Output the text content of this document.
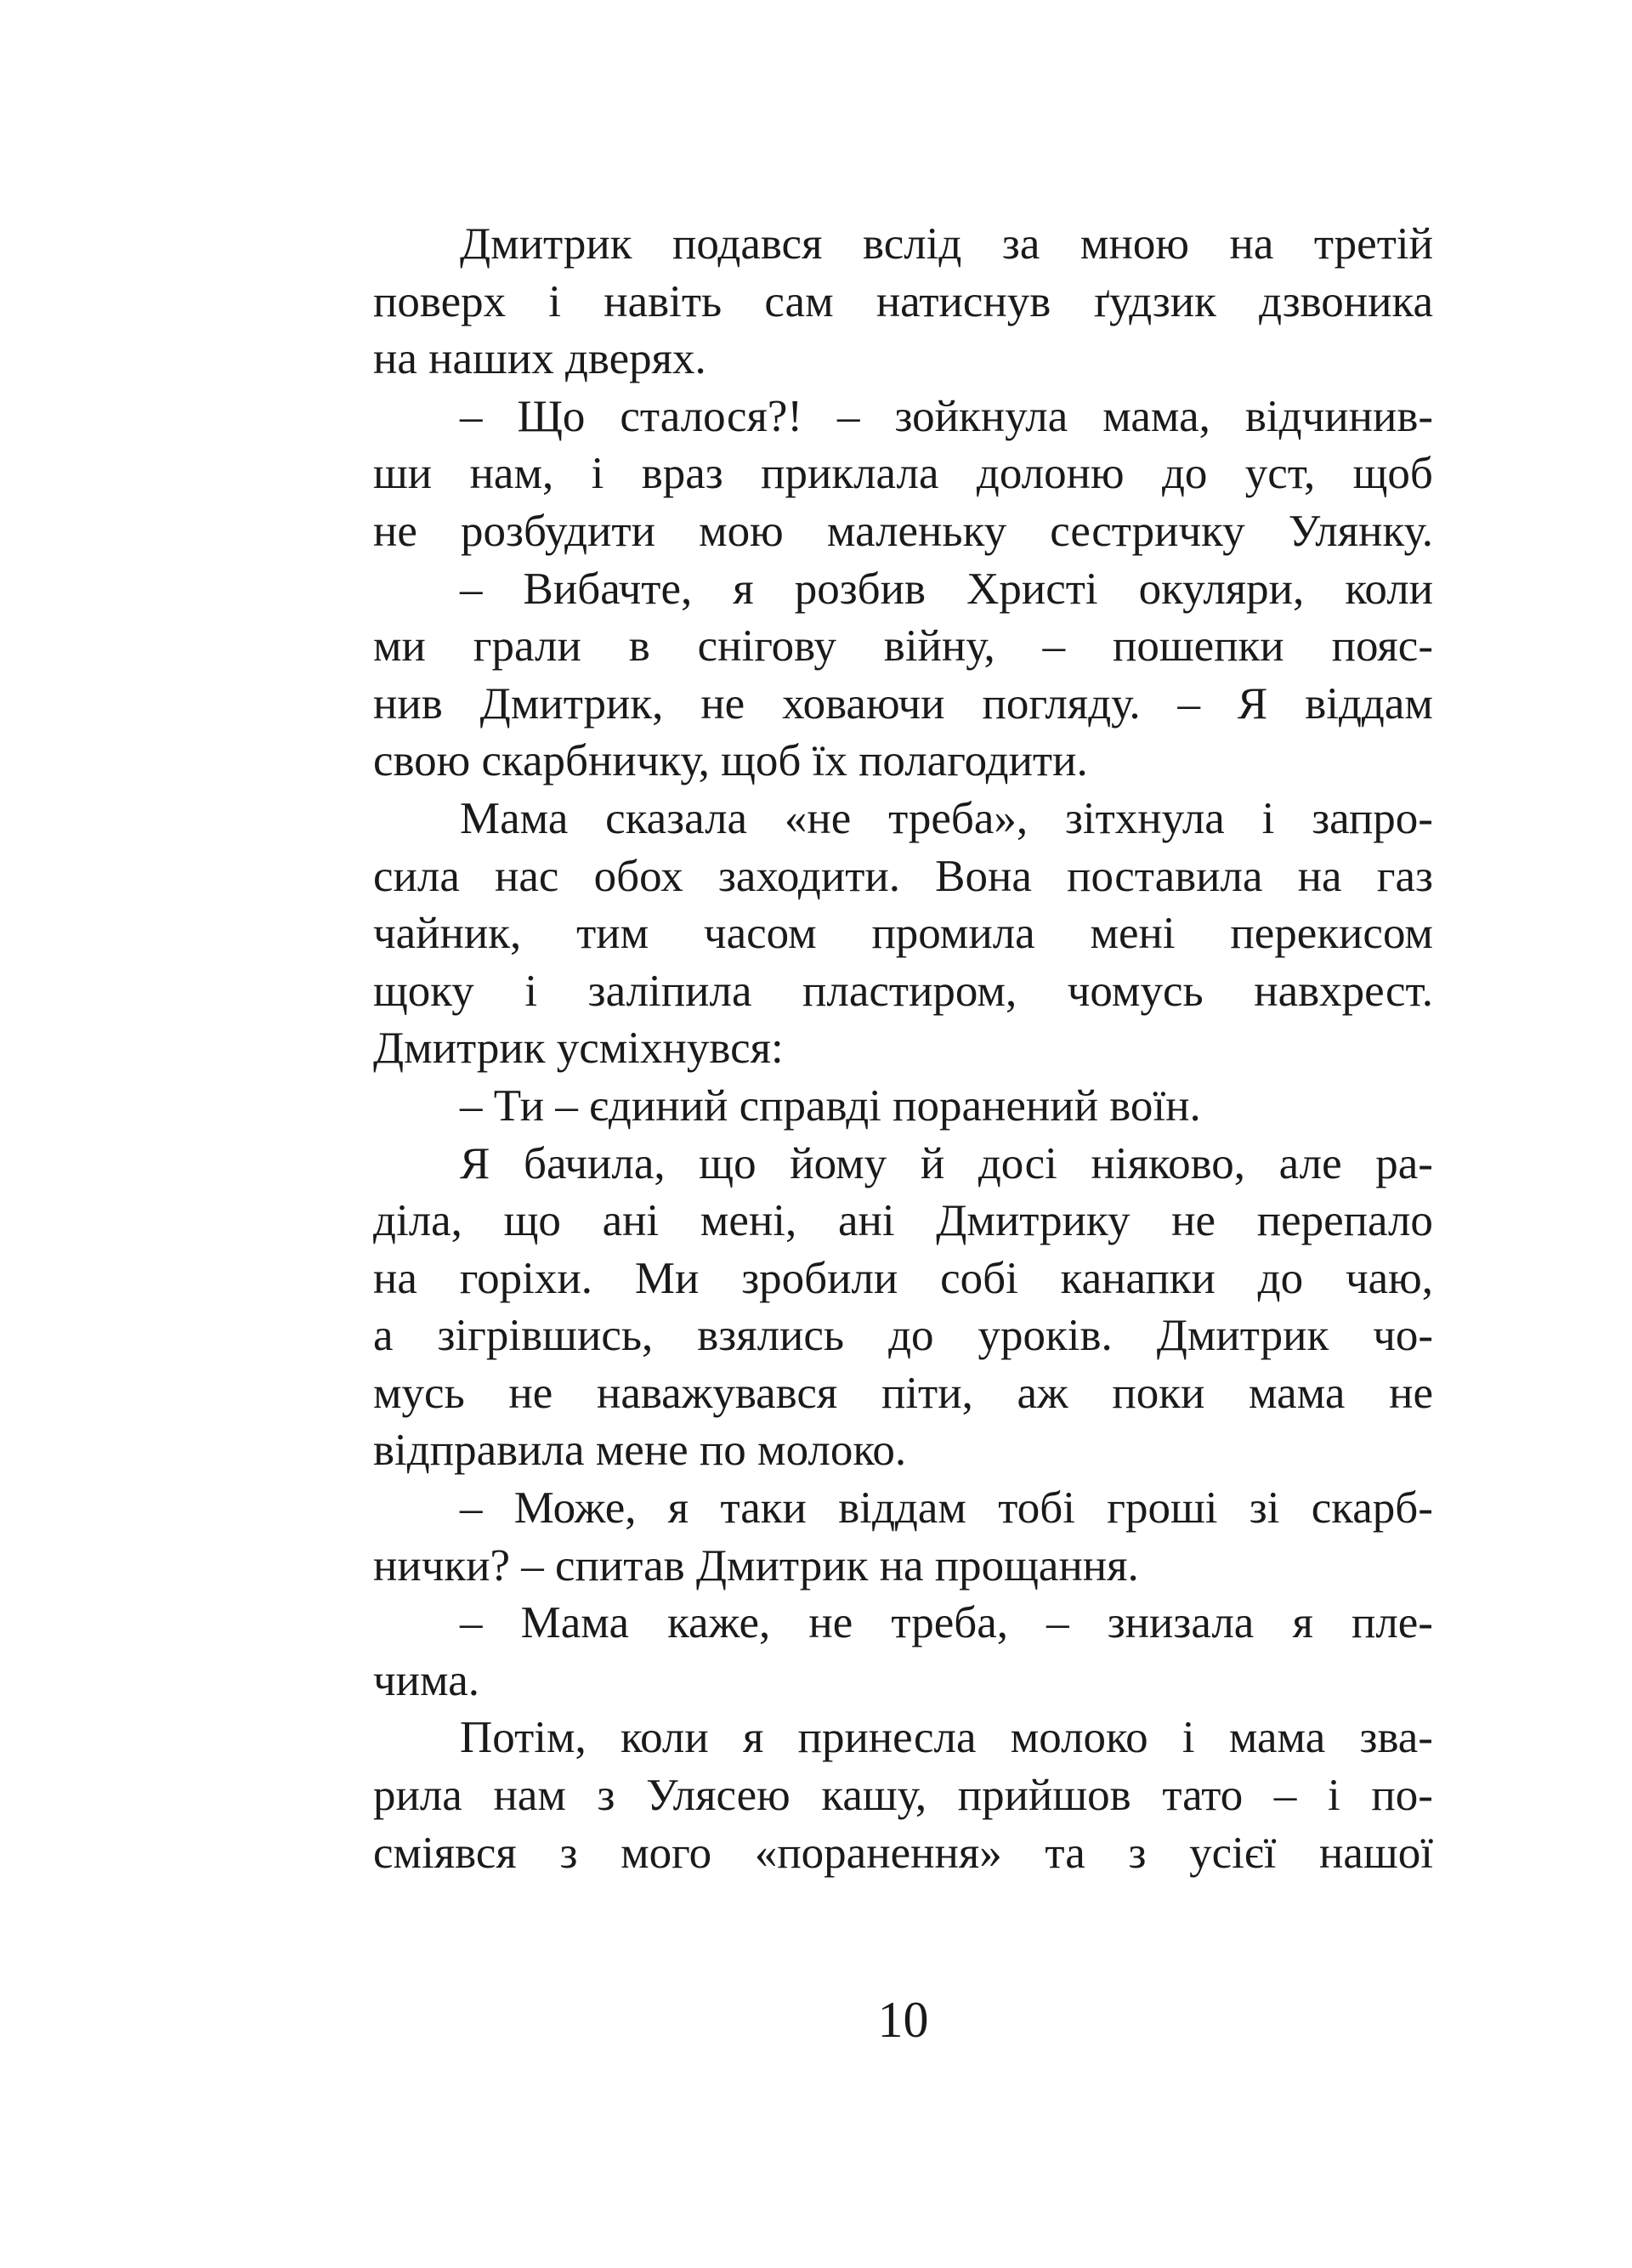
Дмитрик подався вслід за мною на третій
поверх і навіть сам натиснув ґудзик дзвоника
на наших дверях.
– Що сталося?! – зойкнула мама, відчинив-
ши нам, і враз приклала долоню до уст, щоб
не розбудити мою маленьку сестричку Улянку.
– Вибачте, я розбив Христі окуляри, коли
ми грали в снігову війну, – пошепки пояс-
нив Дмитрик, не ховаючи погляду. – Я віддам
свою скарбничку, щоб їх полагодити.
Мама сказала «не треба», зітхнула і запро-
сила нас обох заходити. Вона поставила на газ
чайник, тим часом промила мені перекисом
щоку і заліпила пластиром, чомусь навхрест.
Дмитрик усміхнувся:
– Ти – єдиний справді поранений воїн.
Я бачила, що йому й досі ніяково, але ра-
діла, що ані мені, ані Дмитрику не перепало
на горіхи. Ми зробили собі канапки до чаю,
а зігрівшись, взялись до уроків. Дмитрик чо-
мусь не наважувався піти, аж поки мама не
відправила мене по молоко.
– Може, я таки віддам тобі гроші зі скарб-
нички? – спитав Дмитрик на прощання.
– Мама каже, не треба, – знизала я пле-
чима.
Потім, коли я принесла молоко і мама зва-
рила нам з Улясею кашу, прийшов тато – і по-
сміявся з мого «поранення» та з усієї нашої
10
